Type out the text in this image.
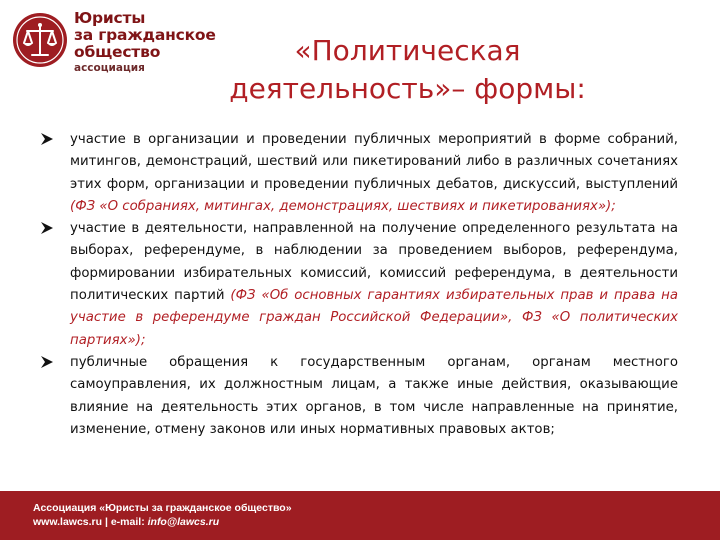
Юристы
за гражданское
общество
ассоциация
«Политическая
деятельность»– формы:
участие в организации и проведении публичных мероприятий в форме собраний, митингов, демонстраций, шествий или пикетирований либо в различных сочетаниях этих форм, организации и проведении публичных дебатов, дискуссий, выступлений (ФЗ «О собраниях, митингах, демонстрациях, шествиях и пикетированиях»);
участие в деятельности, направленной на получение определенного результата на выборах, референдуме, в наблюдении за проведением выборов, референдума, формировании избирательных комиссий, комиссий референдума, в деятельности политических партий (ФЗ «Об основных гарантиях избирательных прав и права на участие в референдуме граждан Российской Федерации», ФЗ «О политических партиях»);
публичные обращения к государственным органам, органам местного самоуправления, их должностным лицам, а также иные действия, оказывающие влияние на деятельность этих органов, в том числе направленные на принятие, изменение, отмену законов или иных нормативных правовых актов;
Ассоциация «Юристы за гражданское общество»
www.lawcs.ru | e-mail: info@lawcs.ru
